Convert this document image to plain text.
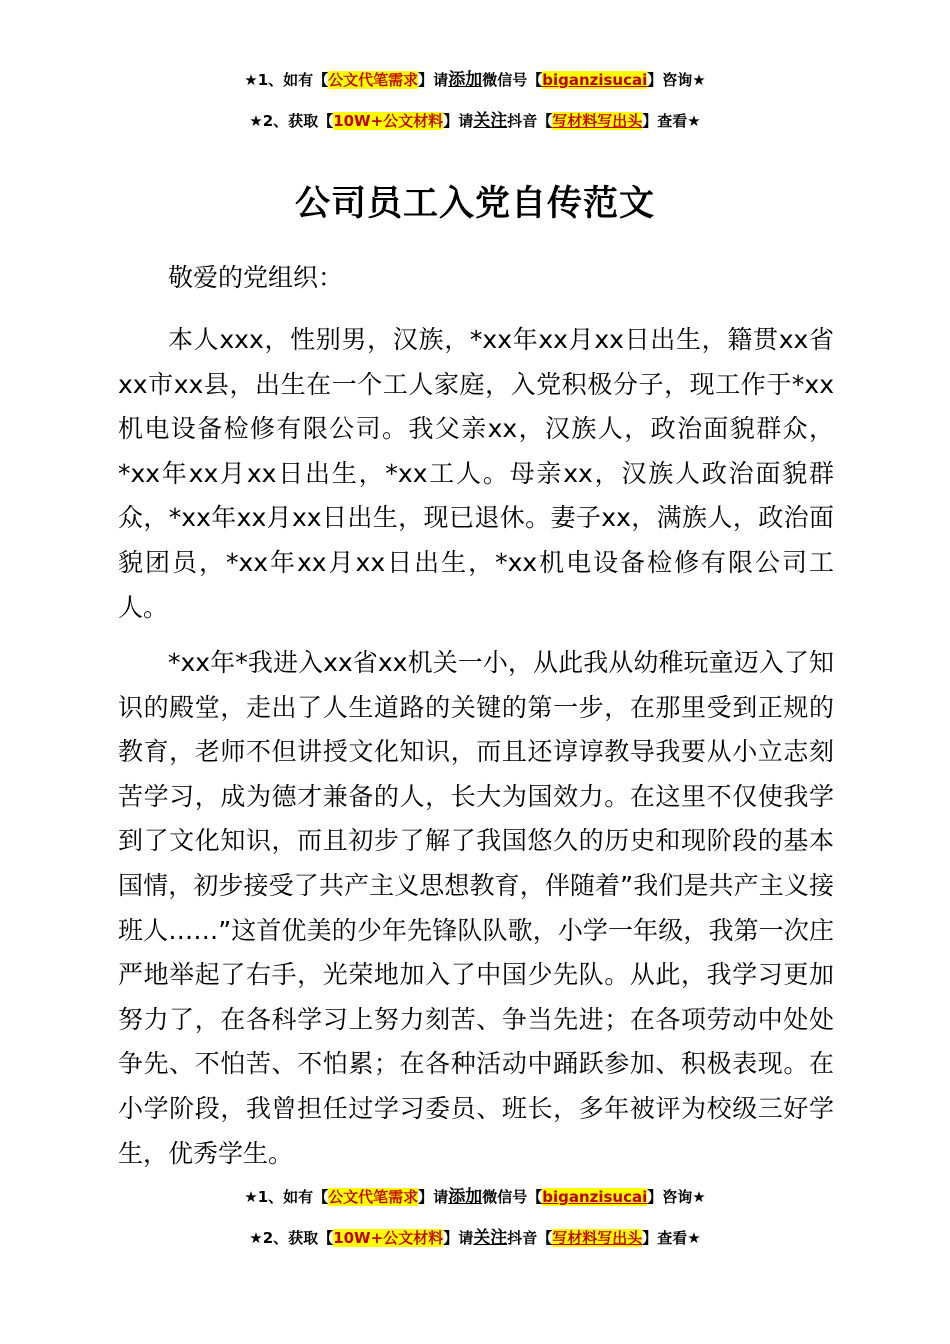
★1、如有【公文代笔需求】请添加微信号【biganzisucai】咨询★
★2、获取【10W+公文材料】请关注抖音【写材料写出头】查看★
公司员工入党自传范文
敬爱的党组织：

本人xxx，性别男，汉族，*xx年xx月xx日出生，籍贯xx省xx市xx县，出生在一个工人家庭，入党积极分子，现工作于*xx机电设备检修有限公司。我父亲xx，汉族人，政治面貌群众，*xx年xx月xx日出生，*xx工人。母亲xx，汉族人政治面貌群众，*xx年xx月xx日出生，现已退休。妻子xx，满族人，政治面貌团员，*xx年xx月xx日出生，*xx机电设备检修有限公司工人。

*xx年*我进入xx省xx机关一小，从此我从幼稚玩童迈入了知识的殿堂，走出了人生道路的关键的第一步，在那里受到正规的教育，老师不但讲授文化知识，而且还谆谆教导我要从小立志刻苦学习，成为德才兼备的人，长大为国效力。在这里不仅使我学到了文化知识，而且初步了解了我国悠久的历史和现阶段的基本国情，初步接受了共产主义思想教育，伴随着”我们是共产主义接班人……”这首优美的少年先锋队队歌，小学一年级，我第一次庄严地举起了右手，光荣地加入了中国少先队。从此，我学习更加努力了，在各科学习上努力刻苦、争当先进；在各项劳动中处处争先、不怕苦、不怕累；在各种活动中踊跃参加、积极表现。在小学阶段，我曾担任过学习委员、班长，多年被评为校级三好学生，优秀学生。

★1、如有【公文代笔需求】请添加微信号【biganzisucai】咨询★
★2、获取【10W+公文材料】请关注抖音【写材料写出头】查看★
